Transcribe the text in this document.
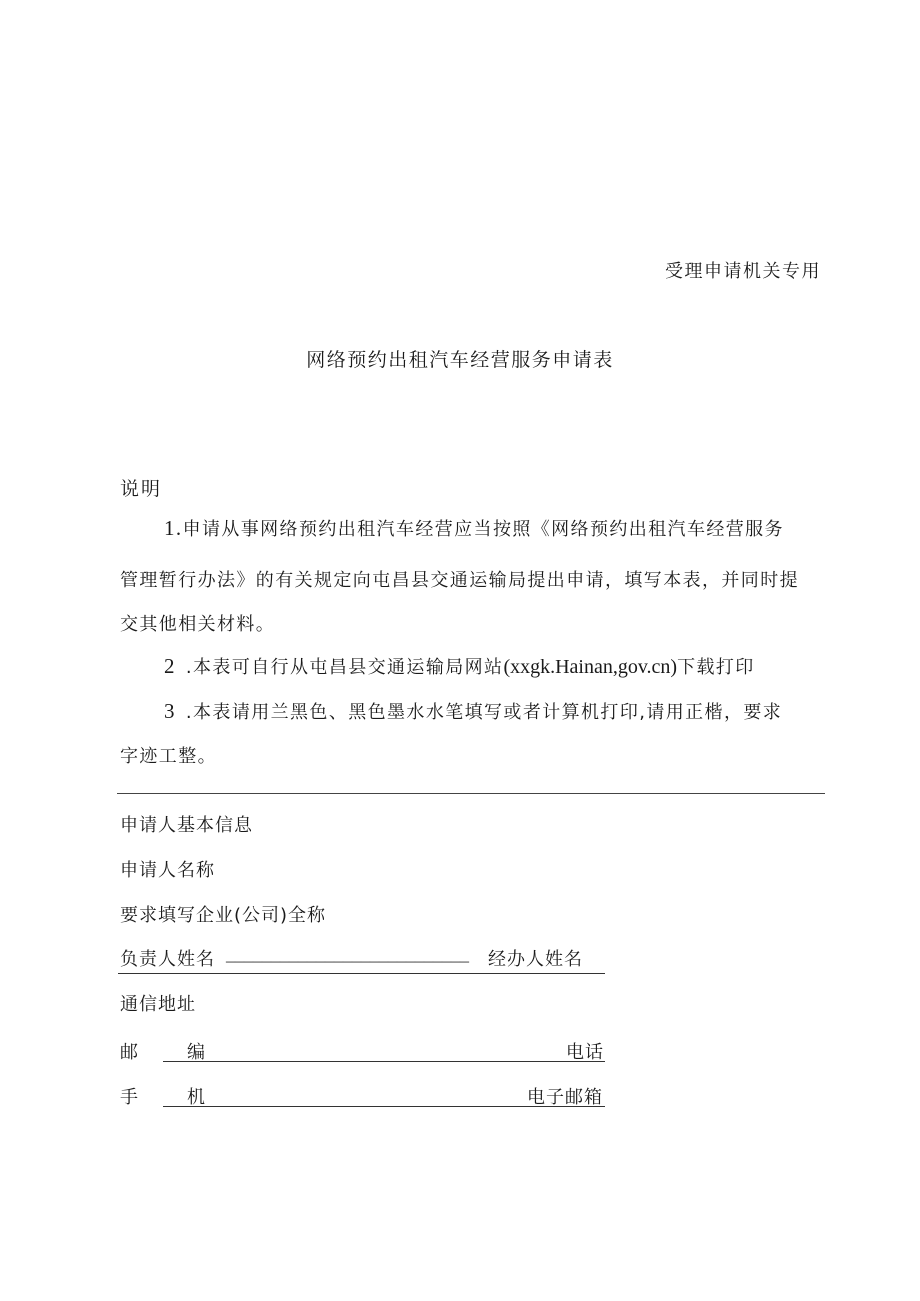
受理申请机关专用
网络预约出租汽车经营服务申请表
说明
1.申请从事网络预约出租汽车经营应当按照《网络预约出租汽车经营服务
管理暂行办法》的有关规定向屯昌县交通运输局提出申请，填写本表，并同时提
交其他相关材料。
2 .本表可自行从屯昌县交通运输局网站(xxgk.Hainan,gov.cn)下载打印
3 .本表请用兰黑色、黑色墨水水笔填写或者计算机打印,请用正楷，要求
字迹工整。
申请人基本信息
申请人名称
要求填写企业(公司)全称
负责人姓名 ___________________________ 经办人姓名
通信地址
邮	编	电话
手	机	电子邮箱
